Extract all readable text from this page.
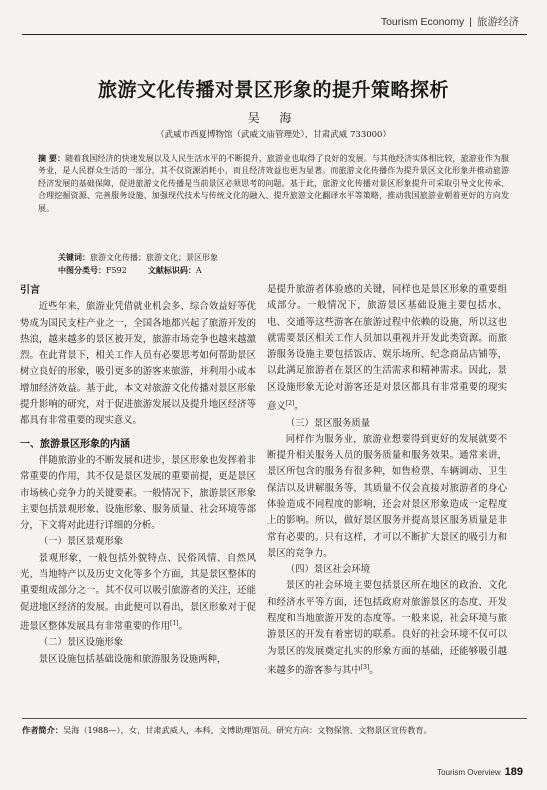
Tourism Economy | 旅游经济
旅游文化传播对景区形象的提升策略探析
吴 海
（武威市西夏博物馆（武威文庙管理处），甘肃武威 733000）
摘 要：随着我国经济的快速发展以及人民生活水平的不断提升，旅游业也取得了良好的发展。与其他经济实体相比较，旅游业作为服务业，是人民群众生活的一部分，其不仅资源消耗小，而且经济效益也更为显著。而旅游文化传播作为提升景区文化形象并推动旅游经济发展的基础保障，促进旅游文化传播是当前景区必须思考的问题。基于此，旅游文化传播对景区形象提升可采取引导文化传承、合理挖掘资源、完善服务设施、加强现代技术与传统文化的融入、提升旅游文化翻译水平等策略，推动我国旅游业朝着更好的方向发展。
关键词：旅游文化传播；旅游文化；景区形象
中图分类号：F592	文献标识码：A

引言

近些年来，旅游业凭借就业机会多、综合效益好等优势成为国民支柱产业之一，全国各地都兴起了旅游开发的热浪，越来越多的景区被开发，旅游市场竞争也越来越激烈。在此背景下，相关工作人员有必要思考如何帮助景区树立良好的形象，吸引更多的游客来旅游，并利用小成本增加经济效益。基于此，本文对旅游文化传播对景区形象提升影响的研究，对于促进旅游发展以及提升地区经济等都具有非常重要的现实意义。

一、旅游景区形象的内涵

伴随旅游业的不断发展和进步，景区形象也发挥着非常重要的作用，其不仅是景区发展的重要前提，更是景区市场核心竞争力的关键要素。一般情况下，旅游景区形象主要包括景观形象、设施形象、服务质量、社会环境等部分，下文将对此进行详细的分析。

（一）景区景观形象

景观形象，一般包括外貌特点、民俗风情、自然风光、当地特产以及历史文化等多个方面，其是景区整体的重要组成部分之一。其不仅可以吸引旅游者的关注，还能促进地区经济的发展。由此便可以看出，景区形象对于促进景区整体发展具有非常重要的作用[1]。

（二）景区设施形象

景区设施包括基础设施和旅游服务设施两种，

是提升旅游者体验感的关键，同样也是景区形象的重要组成部分。一般情况下，旅游景区基础设施主要包括水、电、交通等这些游客在旅游过程中依赖的设施，所以这也就需要景区相关工作人员加以重视并开发此类资源。而旅游服务设施主要包括饭店、娱乐场所、纪念商品店铺等，以此满足旅游者在景区的生活需求和精神需求。因此，景区设施形象无论对游客还是对景区都具有非常重要的现实意义[2]。

（三）景区服务质量

同样作为服务业，旅游业想要得到更好的发展就要不断提升相关服务人员的服务质量和服务效果。通常来讲，景区所包含的服务有很多种，如售检票、车辆调动、卫生保洁以及讲解服务等，其质量不仅会直接对旅游者的身心体验造成不同程度的影响，还会对景区形象造成一定程度上的影响。所以，做好景区服务并提高景区服务质量是非常有必要的。只有这样，才可以不断扩大景区的吸引力和景区的竞争力。

（四）景区社会环境

景区的社会环境主要包括景区所在地区的政治、文化和经济水平等方面，还包括政府对旅游景区的态度、开发程度和当地旅游开发的态度等。一般来说，社会环境与旅游景区的开发有着密切的联系。良好的社会环境不仅可以为景区的发展奠定扎实的形象方面的基础，还能够吸引越来越多的游客参与其中[3]。

作者简介：吴海（1988—），女，甘肃武威人，本科，文博助理馆员。研究方向：文物保管、文物景区宣传教育。
Tourism Overview 189
